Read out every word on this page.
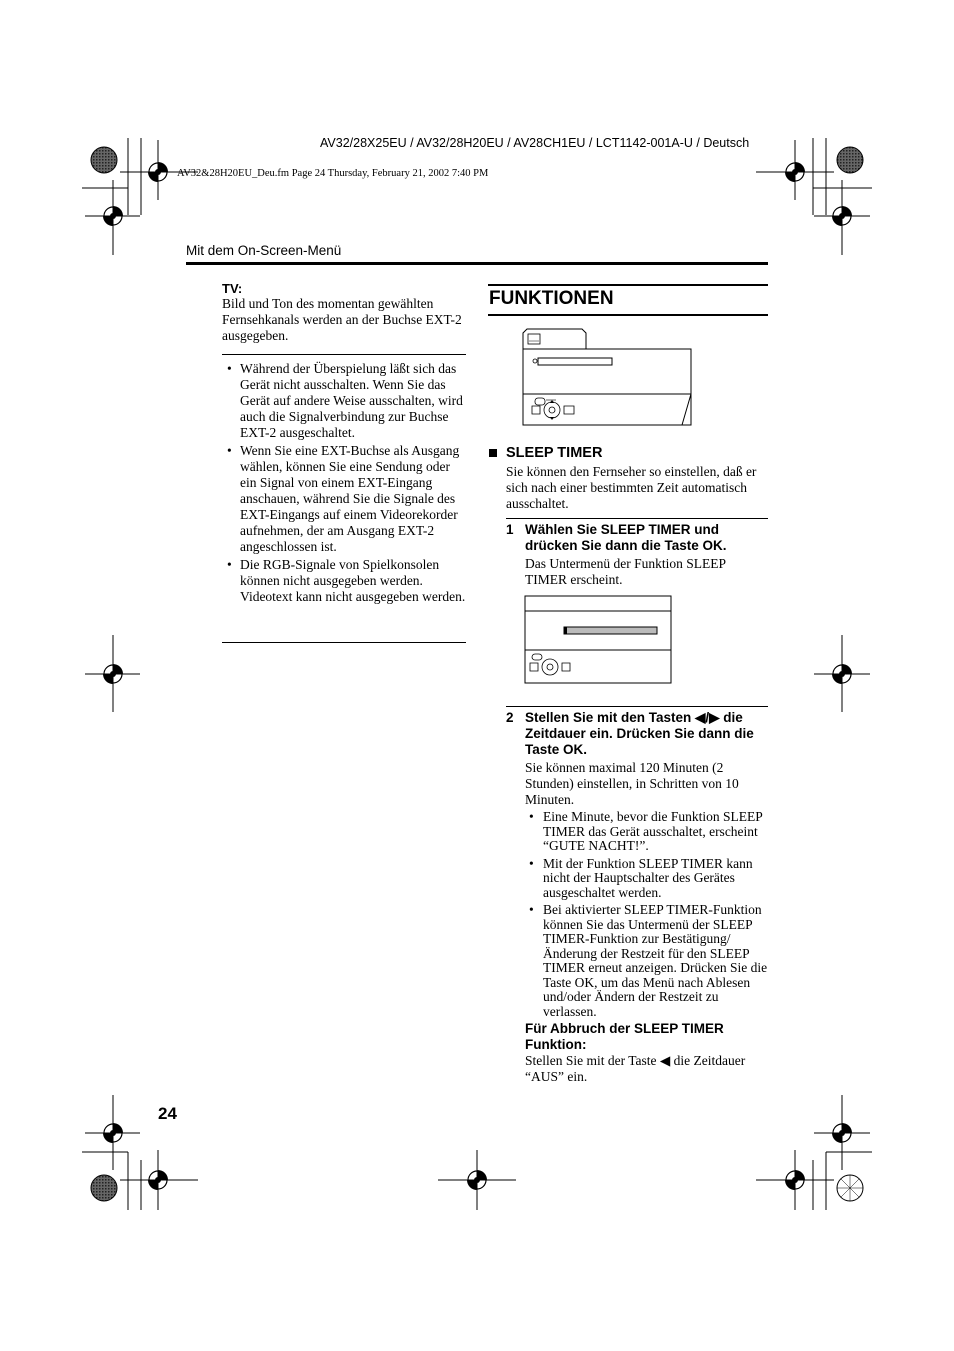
AV32/28X25EU / AV32/28H20EU / AV28CH1EU / LCT1142-001A-U / Deutsch
AV32&28H20EU_Deu.fm Page 24 Thursday, February 21, 2002 7:40 PM
Mit dem On-Screen-Menü
TV:
Bild und Ton des momentan gewählten Fernsehkanals werden an der Buchse EXT-2 ausgegeben.
• Während der Überspielung läßt sich das Gerät nicht ausschalten. Wenn Sie das Gerät auf andere Weise ausschalten, wird auch die Signalverbindung zur Buchse EXT-2 ausgeschaltet.
• Wenn Sie eine EXT-Buchse als Ausgang wählen, können Sie eine Sendung oder ein Signal von einem EXT-Eingang anschauen, während Sie die Signale des EXT-Eingangs auf einem Videorekorder aufnehmen, der am Ausgang EXT-2 angeschlossen ist.
• Die RGB-Signale von Spielkonsolen können nicht ausgegeben werden. Videotext kann nicht ausgegeben werden.
FUNKTIONEN
SLEEP TIMER
Sie können den Fernseher so einstellen, daß er sich nach einer bestimmten Zeit automatisch ausschaltet.
1 Wählen Sie SLEEP TIMER und drücken Sie dann die Taste OK.
Das Untermenü der Funktion SLEEP TIMER erscheint.
2 Stellen Sie mit den Tasten ◀/▶ die Zeitdauer ein. Drücken Sie dann die Taste OK.
Sie können maximal 120 Minuten (2 Stunden) einstellen, in Schritten von 10 Minuten.
• Eine Minute, bevor die Funktion SLEEP TIMER das Gerät ausschaltet, erscheint “GUTE NACHT!”.
• Mit der Funktion SLEEP TIMER kann nicht der Hauptschalter des Gerätes ausgeschaltet werden.
• Bei aktivierter SLEEP TIMER-Funktion können Sie das Untermenü der SLEEP TIMER-Funktion zur Bestätigung/Änderung der Restzeit für den SLEEP TIMER erneut anzeigen. Drücken Sie die Taste OK, um das Menü nach Ablesen und/oder Ändern der Restzeit zu verlassen.
Für Abbruch der SLEEP TIMER Funktion:
Stellen Sie mit der Taste ◀ die Zeitdauer “AUS” ein.
24
